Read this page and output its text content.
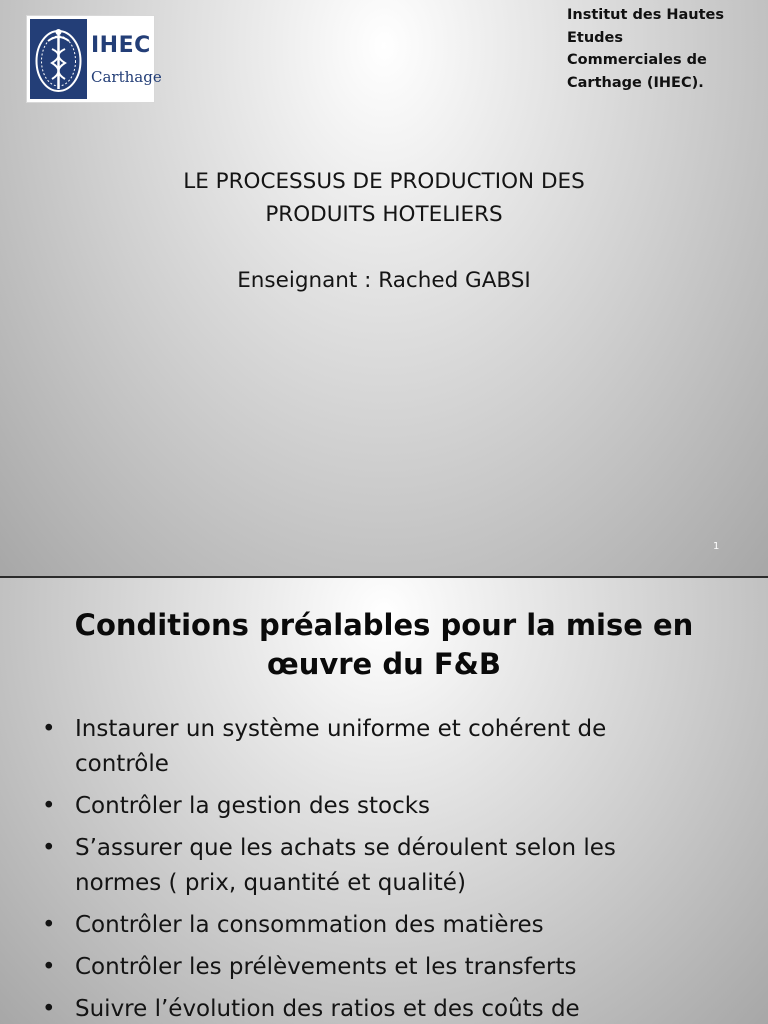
IHEC
Carthage
Institut des Hautes
Etudes
Commerciales de
Carthage (IHEC).
LE PROCESSUS DE PRODUCTION DES
PRODUITS HOTELIERS
Enseignant : Rached GABSI
1
Conditions préalables pour la mise en
œuvre du F&B
• Instaurer un système uniforme et cohérent de
contrôle
• Contrôler la gestion des stocks
• S’assurer que les achats se déroulent selon les
normes ( prix, quantité et qualité)
• Contrôler la consommation des matières
• Contrôler les prélèvements et les transferts
• Suivre l’évolution des ratios et des coûts de
